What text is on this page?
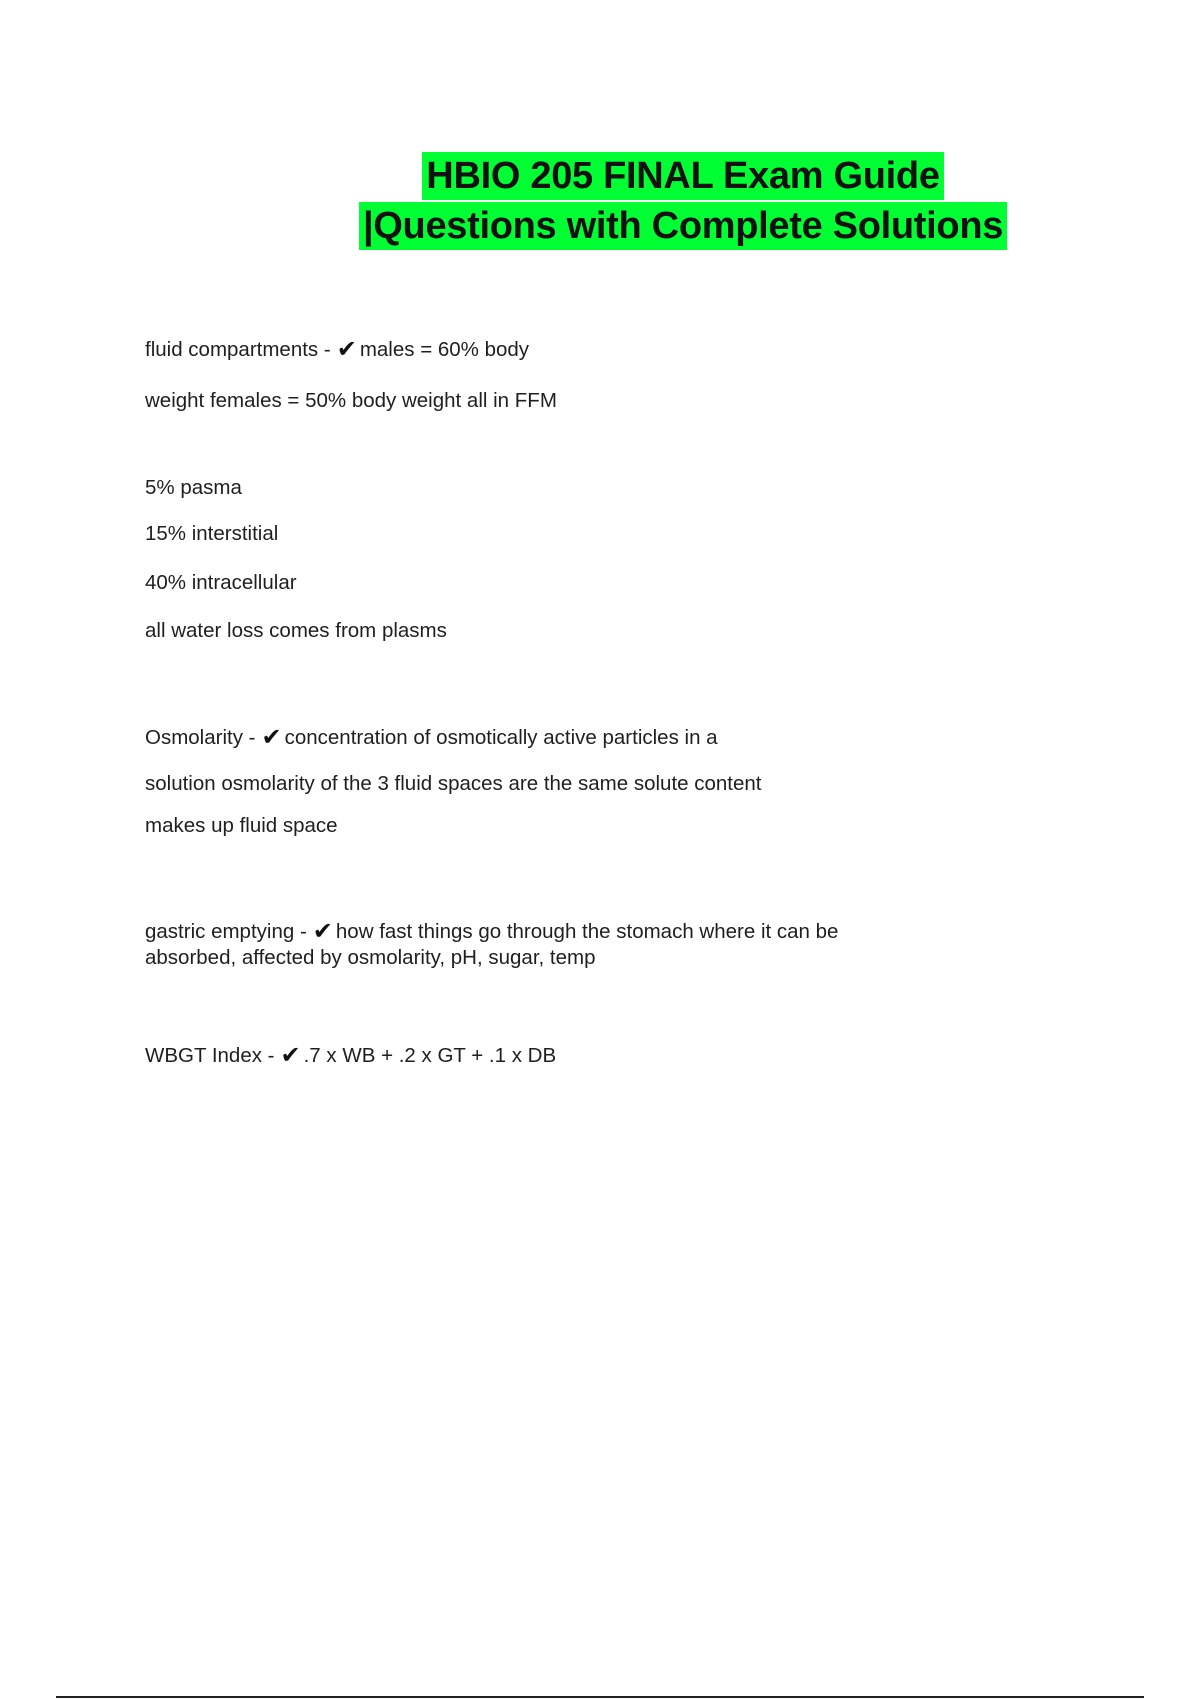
HBIO 205 FINAL Exam Guide
|Questions with Complete Solutions
fluid compartments - ✔ males = 60% body
weight females = 50% body weight all in FFM
5% pasma
15% interstitial
40% intracellular
all water loss comes from plasms
Osmolarity - ✔ concentration of osmotically active particles in a
solution osmolarity of the 3 fluid spaces are the same solute content
makes up fluid space
gastric emptying - ✔ how fast things go through the stomach where it can be
absorbed, affected by osmolarity, pH, sugar, temp
WBGT Index - ✔ .7 x WB + .2 x GT + .1 x DB
